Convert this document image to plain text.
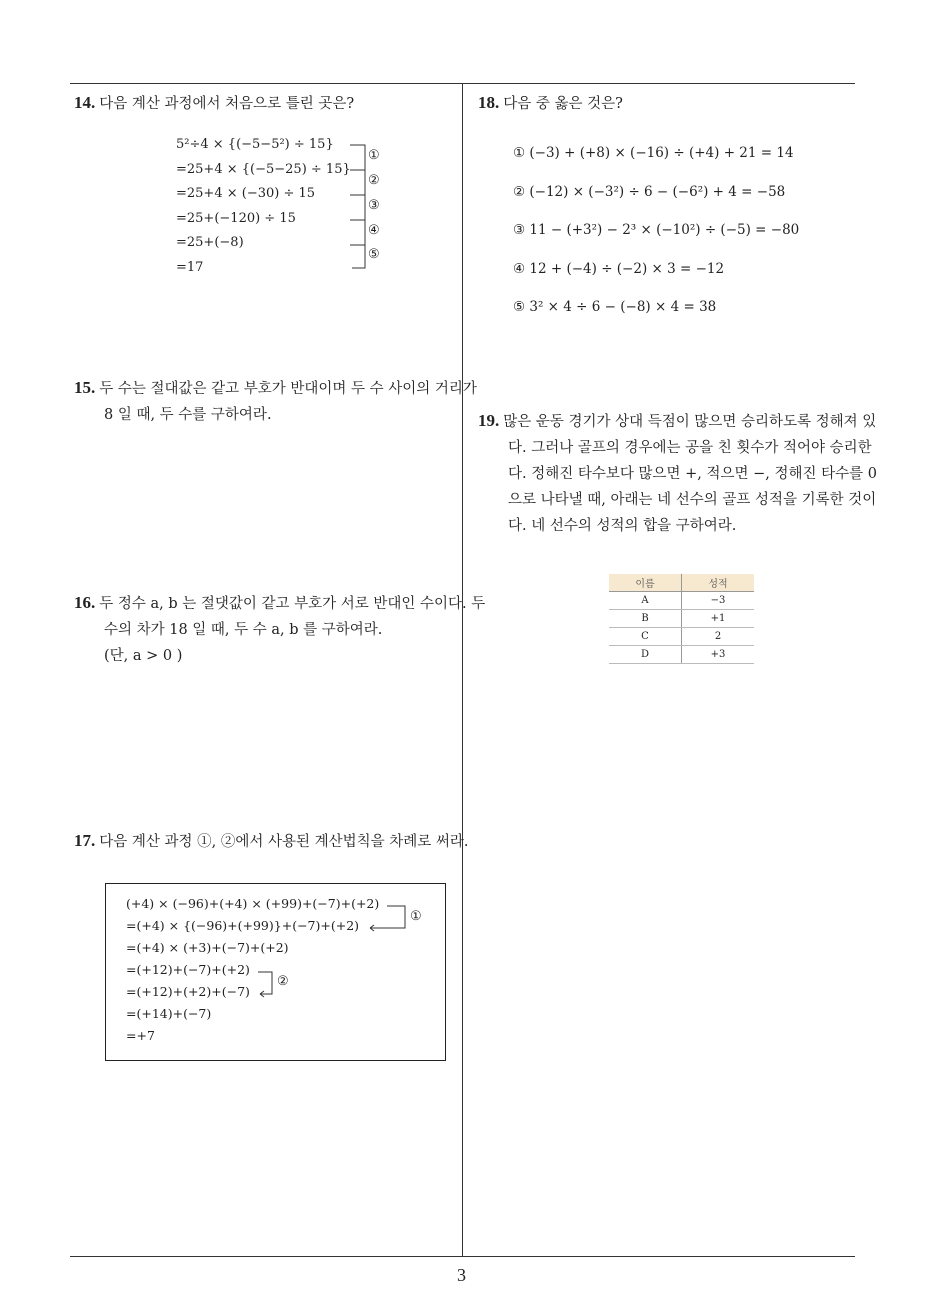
14. 다음 계산 과정에서 처음으로 틀린 곳은?
5²÷4 × {(−5−5²) ÷ 15}
=25+4 × {(−5−25) ÷ 15}
=25+4 × (−30) ÷ 15
=25+(−120) ÷ 15
=25+(−8)
=17
①
②
③
④
⑤
15. 두 수는 절대값은 같고 부호가 반대이며 두 수 사이의 거리가 8 일 때, 두 수를 구하여라.
16. 두 정수 a, b 는 절댓값이 같고 부호가 서로 반대인 수이다. 두 수의 차가 18 일 때, 두 수 a, b 를 구하여라.
(단, a > 0 )
17. 다음 계산 과정 ①, ②에서 사용된 계산법칙을 차례로 써라.
(+4) × (−96)+(+4) × (+99)+(−7)+(+2)
=(+4) × {(−96)+(+99)}+(−7)+(+2)
=(+4) × (+3)+(−7)+(+2)
=(+12)+(−7)+(+2)
=(+12)+(+2)+(−7)
=(+14)+(−7)
=+7
①
②
18. 다음 중 옳은 것은?
① (−3) + (+8) × (−16) ÷ (+4) + 21 = 14
② (−12) × (−3²) ÷ 6 − (−6²) + 4 = −58
③ 11 − (+3²) − 2³ × (−10²) ÷ (−5) = −80
④ 12 + (−4) ÷ (−2) × 3 = −12
⑤ 3² × 4 ÷ 6 − (−8) × 4 = 38
19. 많은 운동 경기가 상대 득점이 많으면 승리하도록 정해져 있다. 그러나 골프의 경우에는 공을 친 횟수가 적어야 승리한다. 정해진 타수보다 많으면 +, 적으면 −, 정해진 타수를 0으로 나타낼 때, 아래는 네 선수의 골프 성적을 기록한 것이다. 네 선수의 성적의 합을 구하여라.
이름	성적
A	−3
B	+1
C	2
D	+3
3
